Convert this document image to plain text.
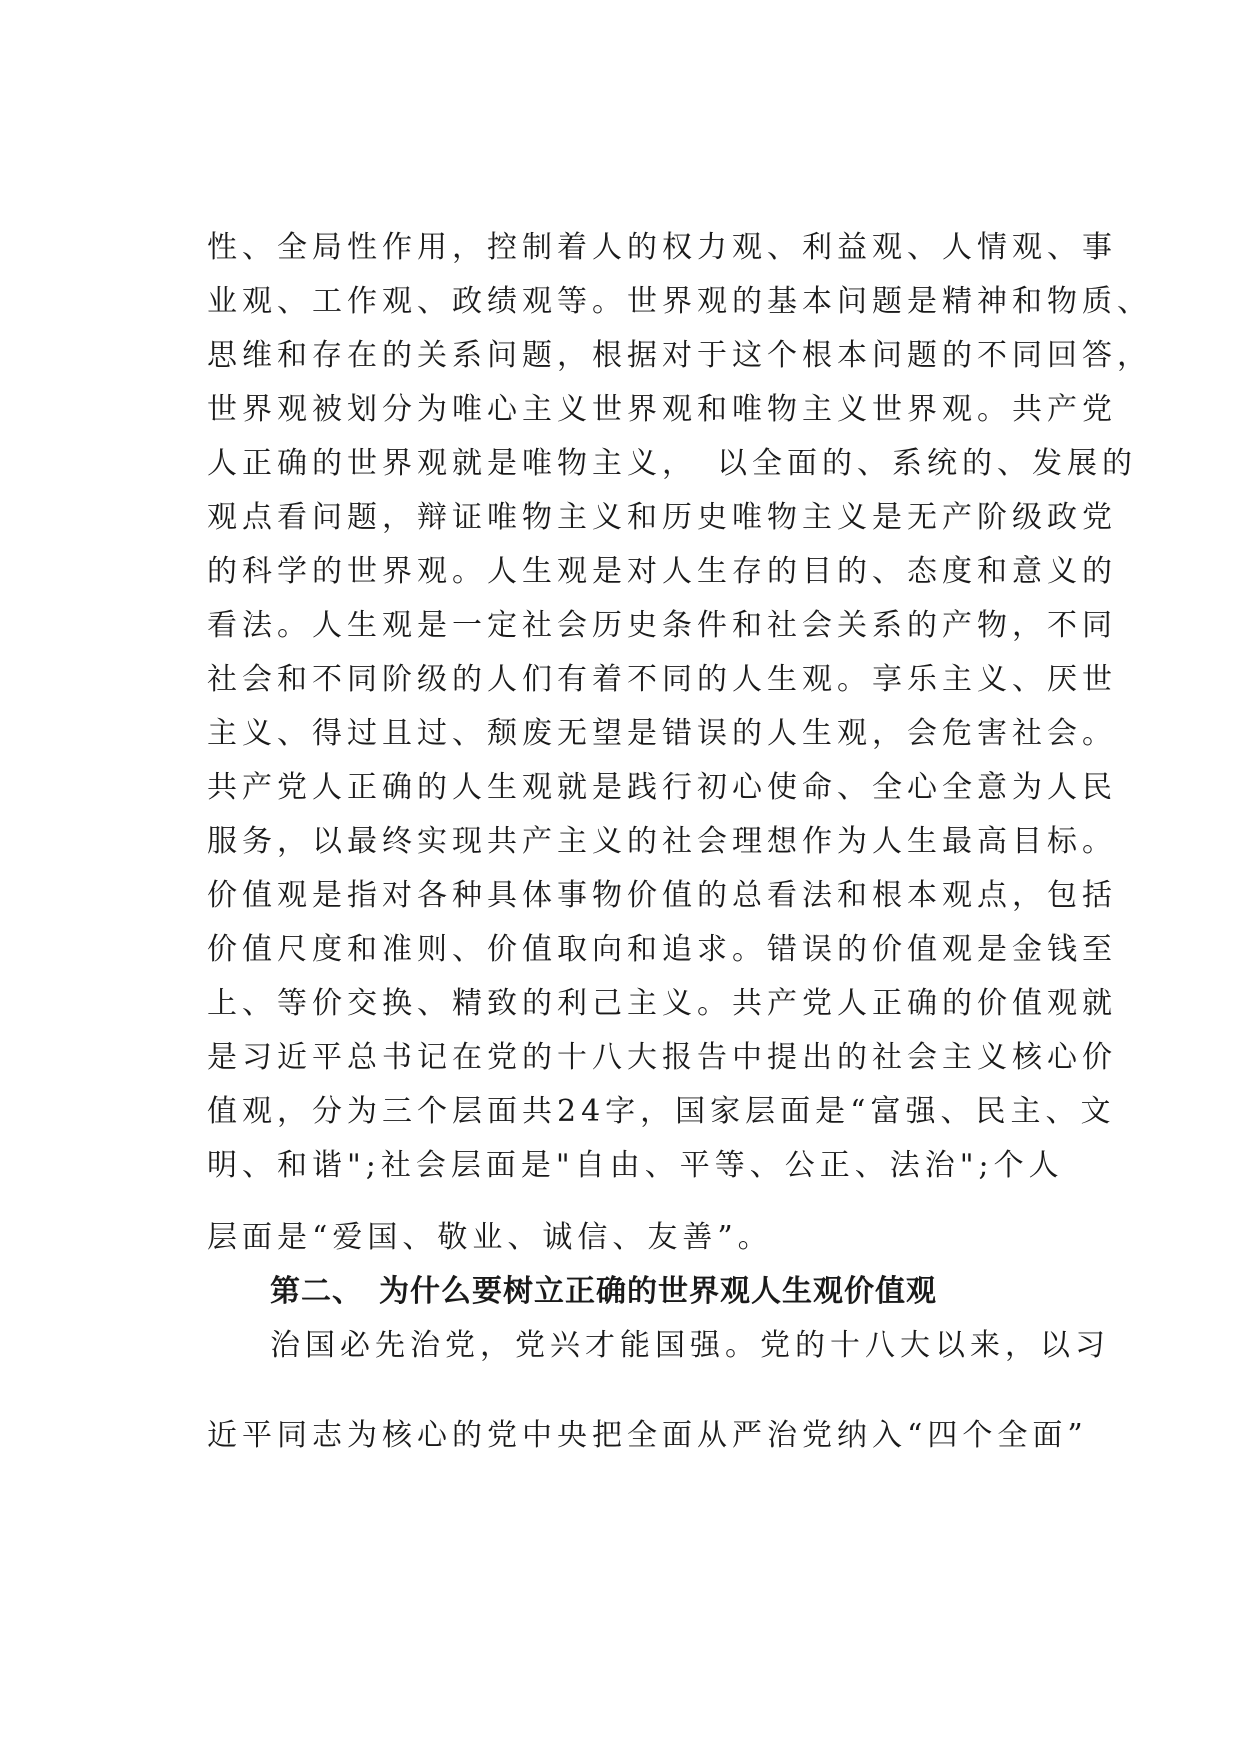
性、全局性作用，控制着人的权力观、利益观、人情观、事
业观、工作观、政绩观等。世界观的基本问题是精神和物质、
思维和存在的关系问题，根据对于这个根本问题的不同回答，
世界观被划分为唯心主义世界观和唯物主义世界观。共产党
人正确的世界观就是唯物主义，　以全面的、系统的、发展的
观点看问题，辩证唯物主义和历史唯物主义是无产阶级政党
的科学的世界观。人生观是对人生存的目的、态度和意义的
看法。人生观是一定社会历史条件和社会关系的产物，不同
社会和不同阶级的人们有着不同的人生观。享乐主义、厌世
主义、得过且过、颓废无望是错误的人生观，会危害社会。
共产党人正确的人生观就是践行初心使命、全心全意为人民
服务，以最终实现共产主义的社会理想作为人生最高目标。
价值观是指对各种具体事物价值的总看法和根本观点，包括
价值尺度和准则、价值取向和追求。错误的价值观是金钱至
上、等价交换、精致的利己主义。共产党人正确的价值观就
是习近平总书记在党的十八大报告中提出的社会主义核心价
值观，分为三个层面共24字，国家层面是“富强、民主、文
明、和谐";社会层面是"自由、平等、公正、法治";个人
层面是“爱国、敬业、诚信、友善”。
第二、　为什么要树立正确的世界观人生观价值观
治国必先治党，党兴才能国强。党的十八大以来，以习
近平同志为核心的党中央把全面从严治党纳入“四个全面”
